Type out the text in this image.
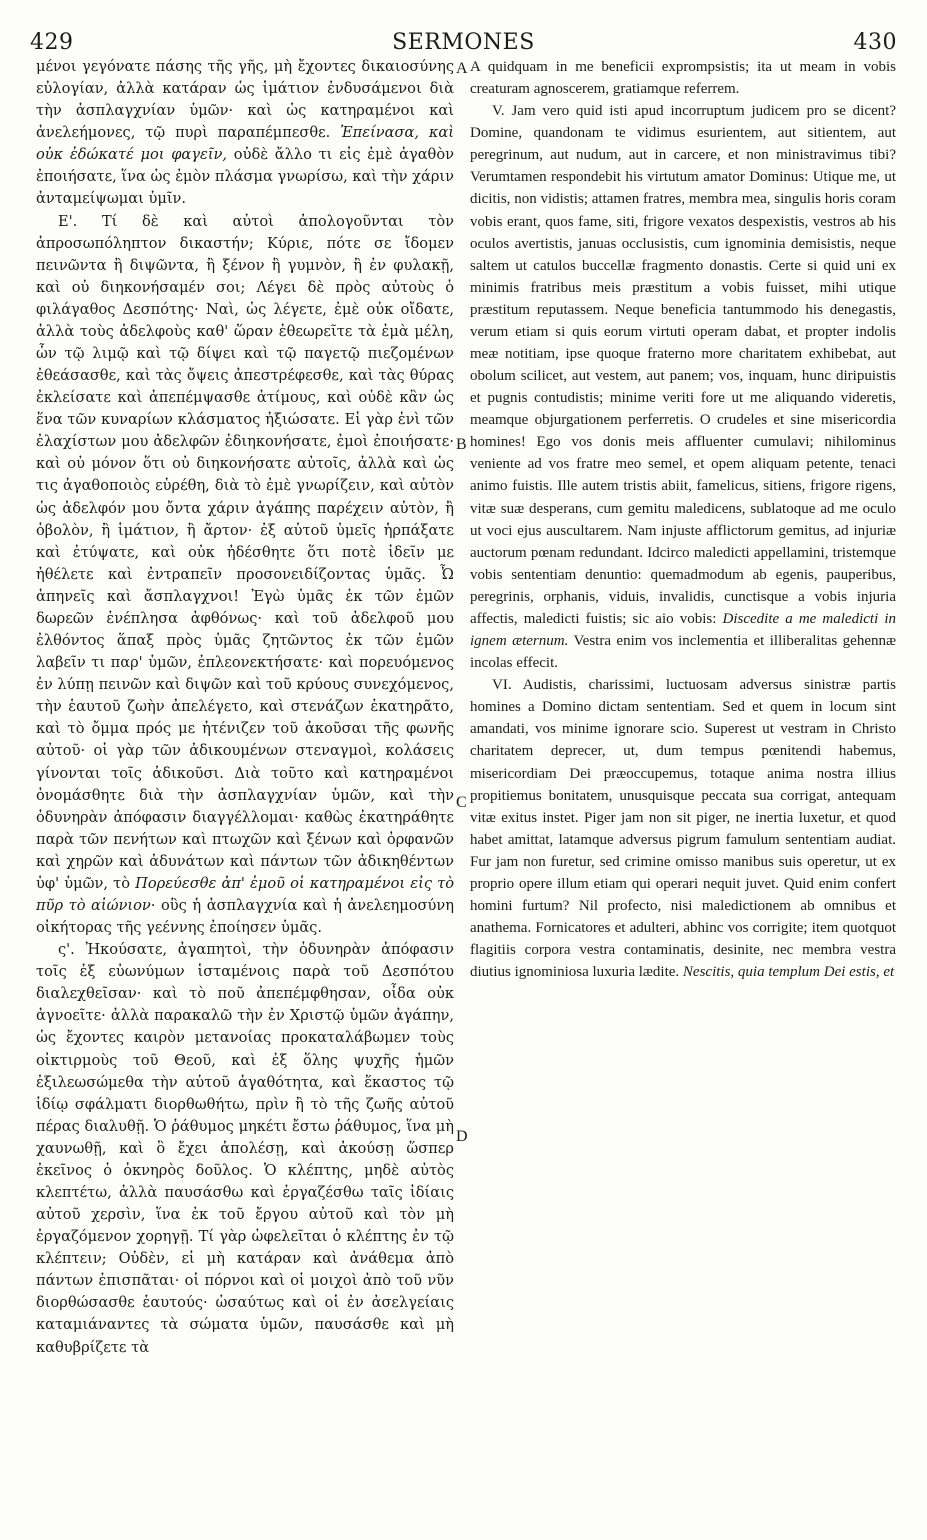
429	SERMONES	430

μένοι γεγόνατε πάσης τῆς γῆς, μὴ ἔχοντες δικαιοσύνης εὐλογίαν, ἀλλὰ κατάραν ὡς ἱμάτιον ἐνδυσάμενοι διὰ τὴν ἀσπλαγχνίαν ὑμῶν· καὶ ὡς κατηραμένοι καὶ ἀνελεήμονες, τῷ πυρὶ παραπέμπεσθε. Ἐπείνασα, καὶ οὐκ ἐδώκατέ μοι φαγεῖν, οὐδὲ ἄλλο τι εἰς ἐμὲ ἀγαθὸν ἐποιήσατε, ἵνα ὡς ἐμὸν πλάσμα γνωρίσω, καὶ τὴν χάριν ἀνταμείψωμαι ὑμῖν.

Ε'. Τί δὲ καὶ αὐτοὶ ἀπολογοῦνται τὸν ἀπροσωπόληπτον δικαστήν; Κύριε, πότε σε ἴδομεν πεινῶντα ἢ διψῶντα, ἢ ξένον ἢ γυμνὸν, ἢ ἐν φυλακῇ, καὶ οὐ διηκονήσαμέν σοι; Λέγει δὲ πρὸς αὐτοὺς ὁ φιλάγαθος Δεσπότης· Ναὶ, ὡς λέγετε, ἐμὲ οὐκ οἴδατε, ἀλλὰ τοὺς ἀδελφοὺς καθ' ὥραν ἐθεωρεῖτε τὰ ἐμὰ μέλη, ὧν τῷ λιμῷ καὶ τῷ δίψει καὶ τῷ παγετῷ πιεζομένων ἐθεάσασθε, καὶ τὰς ὄψεις ἀπεστρέφεσθε, καὶ τὰς θύρας ἐκλείσατε καὶ ἀπεπέμψασθε ἀτίμους, καὶ οὐδὲ κἂν ὡς ἕνα τῶν κυναρίων κλάσματος ἠξιώσατε. Εἰ γὰρ ἑνὶ τῶν ἐλαχίστων μου ἀδελφῶν ἐδιηκονήσατε, ἐμοὶ ἐποιήσατε· καὶ οὐ μόνον ὅτι οὐ διηκονήσατε αὐτοῖς, ἀλλὰ καὶ ὡς τις ἀγαθοποιὸς εὑρέθη, διὰ τὸ ἐμὲ γνωρίζειν, καὶ αὐτὸν ὡς ἀδελφόν μου ὄντα χάριν ἀγάπης παρέχειν αὐτὸν, ἢ ὀβολὸν, ἢ ἱμάτιον, ἢ ἄρτον· ἐξ αὐτοῦ ὑμεῖς ἡρπάξατε καὶ ἐτύψατε, καὶ οὐκ ἠδέσθητε ὅτι ποτὲ ἰδεῖν με ἠθέλετε καὶ ἐντραπεῖν προσονειδίζοντας ὑμᾶς. Ὦ ἀπηνεῖς καὶ ἄσπλαγχνοι! Ἐγὼ ὑμᾶς ἐκ τῶν ἐμῶν δωρεῶν ἐνέπλησα ἀφθόνως· καὶ τοῦ ἀδελφοῦ μου ἐλθόντος ἅπαξ πρὸς ὑμᾶς ζητῶντος ἐκ τῶν ἐμῶν λαβεῖν τι παρ' ὑμῶν, ἐπλεονεκτήσατε· καὶ πορευόμενος ἐν λύπῃ πεινῶν καὶ διψῶν καὶ τοῦ κρύους συνεχόμενος, τὴν ἑαυτοῦ ζωὴν ἀπελέγετο, καὶ στενάζων ἐκατηρᾶτο, καὶ τὸ ὄμμα πρός με ἠτένιζεν τοῦ ἀκοῦσαι τῆς φωνῆς αὐτοῦ· οἱ γὰρ τῶν ἀδικουμένων στεναγμοὶ, κολάσεις γίνονται τοῖς ἀδικοῦσι. Διὰ τοῦτο καὶ κατηραμένοι ὀνομάσθητε διὰ τὴν ἀσπλαγχνίαν ὑμῶν, καὶ τὴν ὀδυνηρὰν ἀπόφασιν διαγγέλλομαι· καθὼς ἐκατηράθητε παρὰ τῶν πενήτων καὶ πτωχῶν καὶ ξένων καὶ ὀρφανῶν καὶ χηρῶν καὶ ἀδυνάτων καὶ πάντων τῶν ἀδικηθέντων ὑφ' ὑμῶν, τὸ Πορεύεσθε ἀπ' ἐμοῦ οἱ κατηραμένοι εἰς τὸ πῦρ τὸ αἰώνιον· οὓς ἡ ἀσπλαγχνία καὶ ἡ ἀνελεημοσύνη οἰκήτορας τῆς γεέννης ἐποίησεν ὑμᾶς.

ς'. Ἠκούσατε, ἀγαπητοὶ, τὴν ὀδυνηρὰν ἀπόφασιν τοῖς ἐξ εὐωνύμων ἱσταμένοις παρὰ τοῦ Δεσπότου διαλεχθεῖσαν· καὶ τὸ ποῦ ἀπεπέμφθησαν, οἶδα οὐκ ἀγνοεῖτε· ἀλλὰ παρακαλῶ τὴν ἐν Χριστῷ ὑμῶν ἀγάπην, ὡς ἔχοντες καιρὸν μετανοίας προκαταλάβωμεν τοὺς οἰκτιρμοὺς τοῦ Θεοῦ, καὶ ἐξ ὅλης ψυχῆς ἡμῶν ἐξιλεωσώμεθα τὴν αὐτοῦ ἀγαθότητα, καὶ ἕκαστος τῷ ἰδίῳ σφάλματι διορθωθήτω, πρὶν ἢ τὸ τῆς ζωῆς αὐτοῦ πέρας διαλυθῇ. Ὁ ῥάθυμος μηκέτι ἔστω ῥάθυμος, ἵνα μὴ χαυνωθῇ, καὶ ὃ ἔχει ἀπολέσῃ, καὶ ἀκούσῃ ὥσπερ ἐκεῖνος ὁ ὀκνηρὸς δοῦλος. Ὁ κλέπτης, μηδὲ αὐτὸς κλεπτέτω, ἀλλὰ παυσάσθω καὶ ἐργαζέσθω ταῖς ἰδίαις αὐτοῦ χερσὶν, ἵνα ἐκ τοῦ ἔργου αὐτοῦ καὶ τὸν μὴ ἐργαζόμενον χορηγῇ. Τί γὰρ ὠφελεῖται ὁ κλέπτης ἐν τῷ κλέπτειν; Οὐδὲν, εἰ μὴ κατάραν καὶ ἀνάθεμα ἀπὸ πάντων ἐπισπᾶται· οἱ πόρνοι καὶ οἱ μοιχοὶ ἀπὸ τοῦ νῦν διορθώσασθε ἑαυτούς· ὡσαύτως καὶ οἱ ἐν ἀσελγείαις καταμιάναντες τὰ σώματα ὑμῶν, παυσάσθε καὶ μὴ καθυβρίζετε τὰ

A
B
C
D

A quidquam in me beneficii exprompsistis; ita ut meam in vobis creaturam agnoscerem, gratiamque referrem.

V. Jam vero quid isti apud incorruptum judicem pro se dicent? Domine, quandonam te vidimus esurientem, aut sitientem, aut peregrinum, aut nudum, aut in carcere, et non ministravimus tibi? Verumtamen respondebit his virtutum amator Dominus: Utique me, ut dicitis, non vidistis; attamen fratres, membra mea, singulis horis coram vobis erant, quos fame, siti, frigore vexatos despexistis, vestros ab his oculos avertistis, januas occlusistis, cum ignominia demisistis, neque saltem ut catulos buccellæ fragmento donastis. Certe si quid uni ex minimis fratribus meis præstitum a vobis fuisset, mihi utique præstitum reputassem. Neque beneficia tantummodo his denegastis, verum etiam si quis eorum virtuti operam dabat, et propter indolis meæ notitiam, ipse quoque fraterno more charitatem exhibebat, aut obolum scilicet, aut vestem, aut panem; vos, inquam, hunc diripuistis et pugnis contudistis; minime veriti fore ut me aliquando videretis, meamque objurgationem perferretis. O crudeles et sine misericordia homines! Ego vos donis meis affluenter cumulavi; nihilominus veniente ad vos fratre meo semel, et opem aliquam petente, tenaci animo fuistis. Ille autem tristis abiit, famelicus, sitiens, frigore rigens, vitæ suæ desperans, cum gemitu maledicens, sublatoque ad me oculo ut voci ejus auscultarem. Nam injuste afflictorum gemitus, ad injuriæ auctorum pœnam redundant. Idcirco maledicti appellamini, tristemque vobis sententiam denuntio: quemadmodum ab egenis, pauperibus, peregrinis, orphanis, viduis, invalidis, cunctisque a vobis injuria affectis, maledicti fuistis; sic aio vobis: Discedite a me maledicti in ignem æternum. Vestra enim vos inclementia et illiberalitas gehennæ incolas effecit.

VI. Audistis, charissimi, luctuosam adversus sinistræ partis homines a Domino dictam sententiam. Sed et quem in locum sint amandati, vos minime ignorare scio. Superest ut vestram in Christo charitatem deprecer, ut, dum tempus pœnitendi habemus, misericordiam Dei præoccupemus, totaque anima nostra illius propitiemus bonitatem, unusquisque peccata sua corrigat, antequam vitæ exitus instet. Piger jam non sit piger, ne inertia luxetur, et quod habet amittat, latamque adversus pigrum famulum sententiam audiat. Fur jam non furetur, sed crimine omisso manibus suis operetur, ut ex proprio opere illum etiam qui operari nequit juvet. Quid enim confert homini furtum? Nil profecto, nisi maledictionem ab omnibus et anathema. Fornicatores et adulteri, abhinc vos corrigite; item quotquot flagitiis corpora vestra contaminatis, desinite, nec membra vestra diutius ignominiosa luxuria lædite. Nescitis, quia templum Dei estis, et
